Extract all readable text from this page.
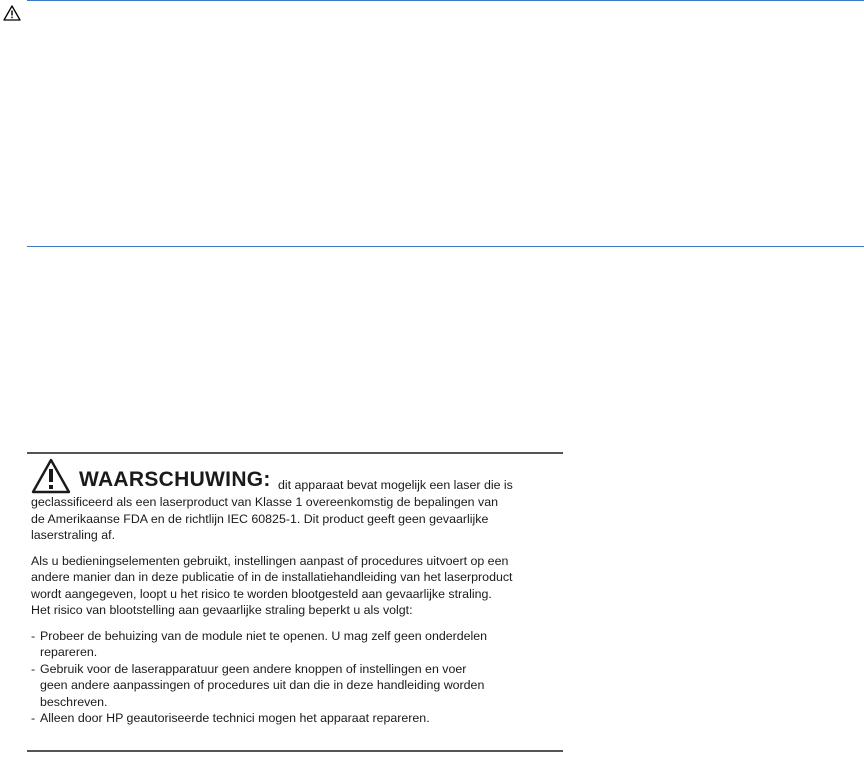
WAARSCHUWING: dit apparaat bevat mogelijk een laser die is

geclassificeerd als een laserproduct van Klasse 1 overeenkomstig de bepalingen van

de Amerikaanse FDA en de richtlijn IEC 60825-1. Dit product geeft geen gevaarlijke

laserstraling af.

Als u bedieningselementen gebruikt, instellingen aanpast of procedures uitvoert op een

andere manier dan in deze publicatie of in de installatiehandleiding van het laserproduct

wordt aangegeven, loopt u het risico te worden blootgesteld aan gevaarlijke straling.

Het risico van blootstelling aan gevaarlijke straling beperkt u als volgt:

- Probeer de behuizing van de module niet te openen. U mag zelf geen onderdelen
repareren.
- Gebruik voor de laserapparatuur geen andere knoppen of instellingen en voer
geen andere aanpassingen of procedures uit dan die in deze handleiding worden
beschreven.
- Alleen door HP geautoriseerde technici mogen het apparaat repareren.
